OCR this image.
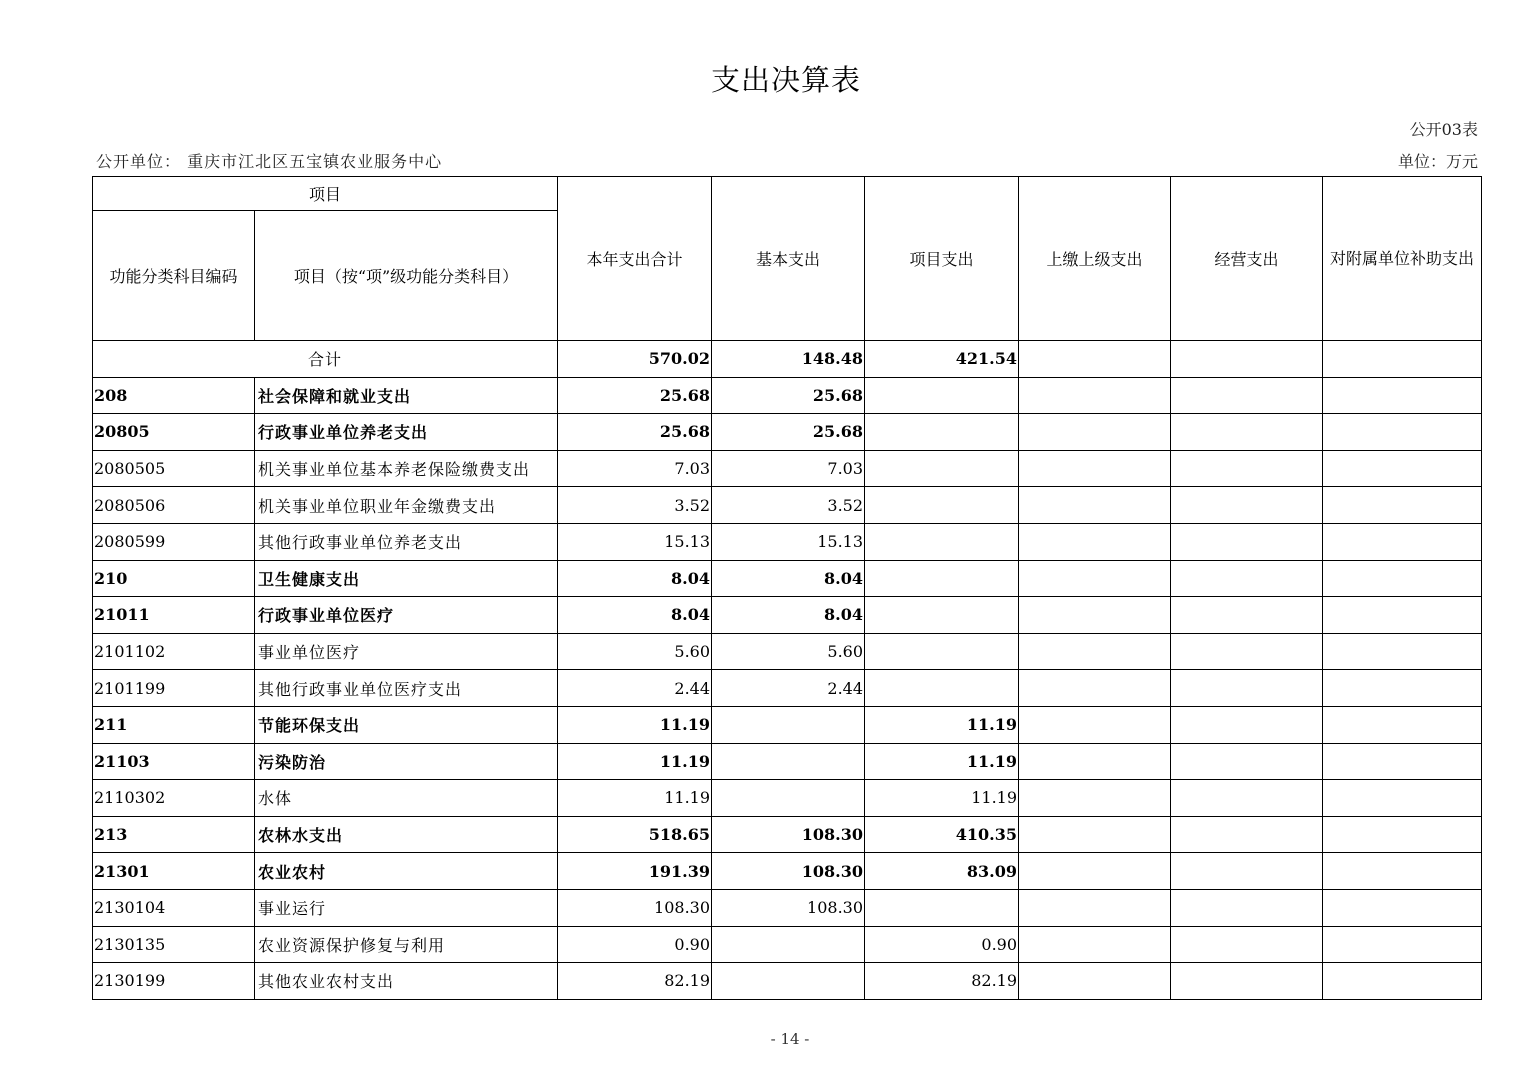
支出决算表
公开03表
公开单位： 重庆市江北区五宝镇农业服务中心	单位：万元
项目		本年支出合计	基本支出	项目支出	上缴上级支出	经营支出	对附属单位补助支出
功能分类科目编码	项目（按“项”级功能分类科目）						
合计		570.02	148.48	421.54			
208	社会保障和就业支出	25.68	25.68				
20805	行政事业单位养老支出	25.68	25.68				
2080505	机关事业单位基本养老保险缴费支出	7.03	7.03				
2080506	机关事业单位职业年金缴费支出	3.52	3.52				
2080599	其他行政事业单位养老支出	15.13	15.13				
210	卫生健康支出	8.04	8.04				
21011	行政事业单位医疗	8.04	8.04				
2101102	事业单位医疗	5.60	5.60				
2101199	其他行政事业单位医疗支出	2.44	2.44				
211	节能环保支出	11.19		11.19			
21103	污染防治	11.19		11.19			
2110302	水体	11.19		11.19			
213	农林水支出	518.65	108.30	410.35			
21301	农业农村	191.39	108.30	83.09			
2130104	事业运行	108.30	108.30				
2130135	农业资源保护修复与利用	0.90		0.90			
2130199	其他农业农村支出	82.19		82.19			
- 14 -
